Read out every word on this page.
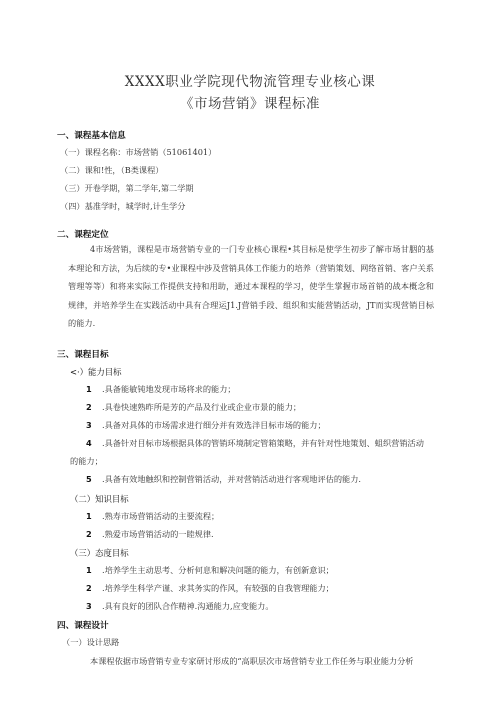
XXXX职业学院现代物流管理专业核心课
《市场营销》课程标准
一、课程基本信息
（一）课程名称：市场营销（51061401）
（二）课和!性，（B类课程）
（三）开卷学期，第二学年,第二学期
（四）基准学时，城学时,计生学分
二、课程定位
4市场营销，课程是市场营销专业的一门专业核心课程•其目标是使学生初步了解市场甘胭的基本理论和方法，为后续的专•业课程中涉及营销具体工作能力的培养（营销策划、网络首销、客户关系管理等等）和将来实际工作提供支持和用助，通过本课程的学习，使学生掌握市场首销的战本概念和规律，并培养学生在实践活动中具有合理运J1.J营销手段、组织和实能营销活动，JT而实现营销目标的能力.
三、课程目标
<·）能力目标
1 .具备能敏钝地发现市场将求的能力；
2 .具卷快速熟昨所是芳的产品及行业或企业市景的能力；
3 .具备对具体的市场需求进行细分并有效选泮目标市场的能力；
4 .具备针对目标市场根据具体的管销环境制定管箱策略，并有针对性地策划、蛆织营销活动
的能力；
5 .具备有效地触织和控制营销活动，并对营销活动进行客观地评估的能力.
（二）知识目标
1 .熟寿市场营销活动的主要流程；
2 .熟爱市场营销活动的一睦规律.
（三）态度目标
1 .培养学生主动思考、分析何息和解决问题的能力，有创新意识；
2 .培养学生科学产谨、求其务实的作风，有较强的自我管理能力；
3 .具有良好的团队合作精神.沟通能力,应变能力。
四、课程设计
（一）设计思路
本课程依据市场营销专业专家研讨形成的“高职层次市场营销专业工作任务与职业能力分析
